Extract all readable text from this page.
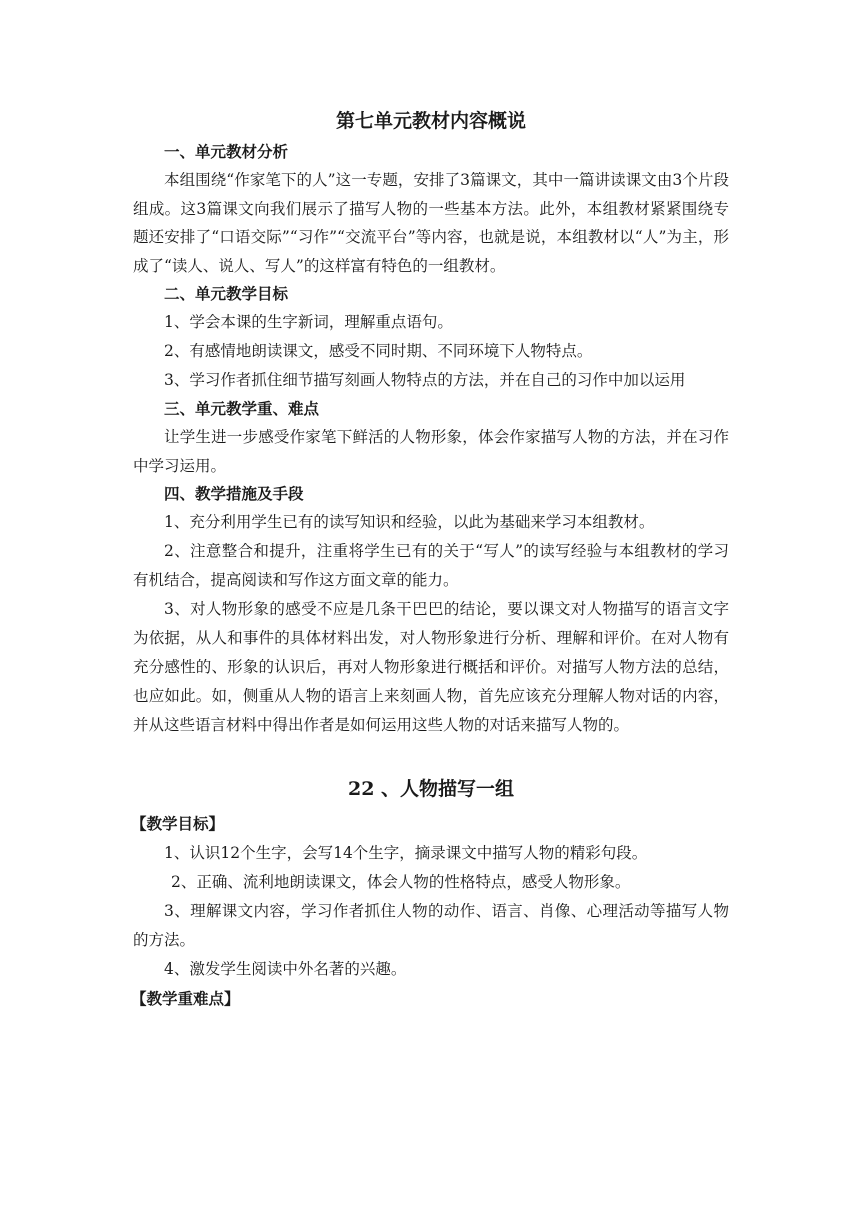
第七单元教材内容概说

一、单元教材分析

本组围绕“作家笔下的人”这一专题，安排了3篇课文，其中一篇讲读课文由3个片段组成。这3篇课文向我们展示了描写人物的一些基本方法。此外，本组教材紧紧围绕专题还安排了“口语交际”“习作”“交流平台”等内容，也就是说，本组教材以“人”为主，形成了“读人、说人、写人”的这样富有特色的一组教材。

二、单元教学目标

1、学会本课的生字新词，理解重点语句。

2、有感情地朗读课文，感受不同时期、不同环境下人物特点。

3、学习作者抓住细节描写刻画人物特点的方法，并在自己的习作中加以运用

三、单元教学重、难点

让学生进一步感受作家笔下鲜活的人物形象，体会作家描写人物的方法，并在习作中学习运用。

四、教学措施及手段

1、充分利用学生已有的读写知识和经验，以此为基础来学习本组教材。

2、注意整合和提升，注重将学生已有的关于“写人”的读写经验与本组教材的学习有机结合，提高阅读和写作这方面文章的能力。

3、对人物形象的感受不应是几条干巴巴的结论，要以课文对人物描写的语言文字为依据，从人和事件的具体材料出发，对人物形象进行分析、理解和评价。在对人物有充分感性的、形象的认识后，再对人物形象进行概括和评价。对描写人物方法的总结，也应如此。如，侧重从人物的语言上来刻画人物，首先应该充分理解人物对话的内容，并从这些语言材料中得出作者是如何运用这些人物的对话来描写人物的。

22 、人物描写一组

【教学目标】

1、认识12个生字，会写14个生字，摘录课文中描写人物的精彩句段。

2、正确、流利地朗读课文，体会人物的性格特点，感受人物形象。

3、理解课文内容，学习作者抓住人物的动作、语言、肖像、心理活动等描写人物的方法。

4、激发学生阅读中外名著的兴趣。

【教学重难点】
